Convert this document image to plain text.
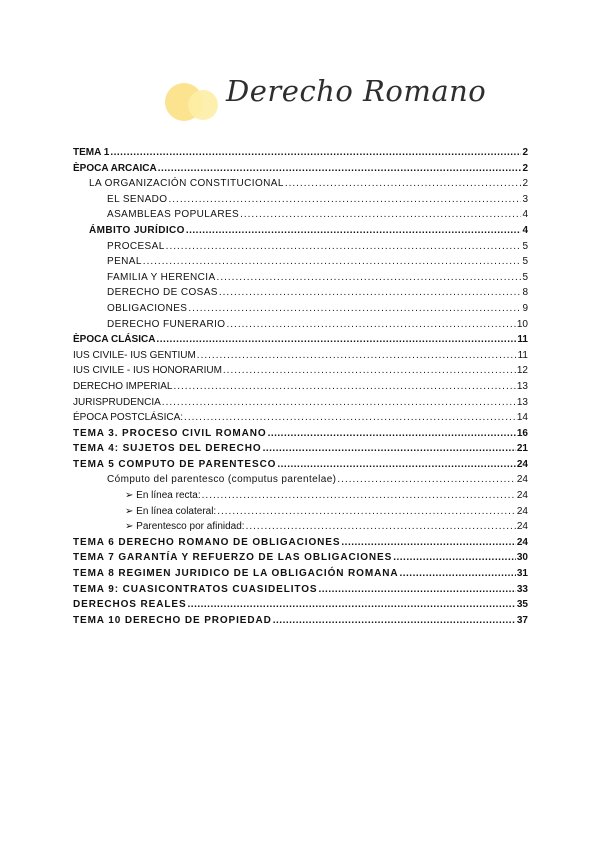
Derecho Romano
TEMA 1 .....	2
ÈPOCA ARCAICA .....	2
LA ORGANIZACIÓN CONSTITUCIONAL .....	2
EL SENADO .....	3
ASAMBLEAS POPULARES .....	4
ÁMBITO JURÍDICO .....	4
PROCESAL .....	5
PENAL .....	5
FAMILIA Y HERENCIA .....	5
DERECHO DE COSAS .....	8
OBLIGACIONES .....	9
DERECHO FUNERARIO .....	10
ÈPOCA CLÁSICA .....	11
IUS CIVILE- IUS GENTIUM .....	11
IUS CIVILE - IUS HONORARIUM .....	12
DERECHO IMPERIAL .....	13
JURISPRUDENCIA .....	13
ÉPOCA POSTCLÁSICA: .....	14
TEMA 3. PROCESO CIVIL ROMANO .....	16
TEMA 4: SUJETOS DEL DERECHO .....	21
TEMA 5 COMPUTO DE PARENTESCO .....	24
Cómputo del parentesco (computus parentelae) .....	24
➢ En línea recta: .....	24
➢ En línea colateral: .....	24
➢ Parentesco por afinidad: .....	24
TEMA 6 DERECHO ROMANO DE OBLIGACIONES .....	24
TEMA 7 GARANTÍA Y REFUERZO DE LAS OBLIGACIONES .....	30
TEMA 8 REGIMEN JURIDICO DE LA OBLIGACIÓN ROMANA .....	31
TEMA 9: CUASICONTRATOS CUASIDELITOS .....	33
DERECHOS REALES .....	35
TEMA 10 DERECHO DE PROPIEDAD .....	37
